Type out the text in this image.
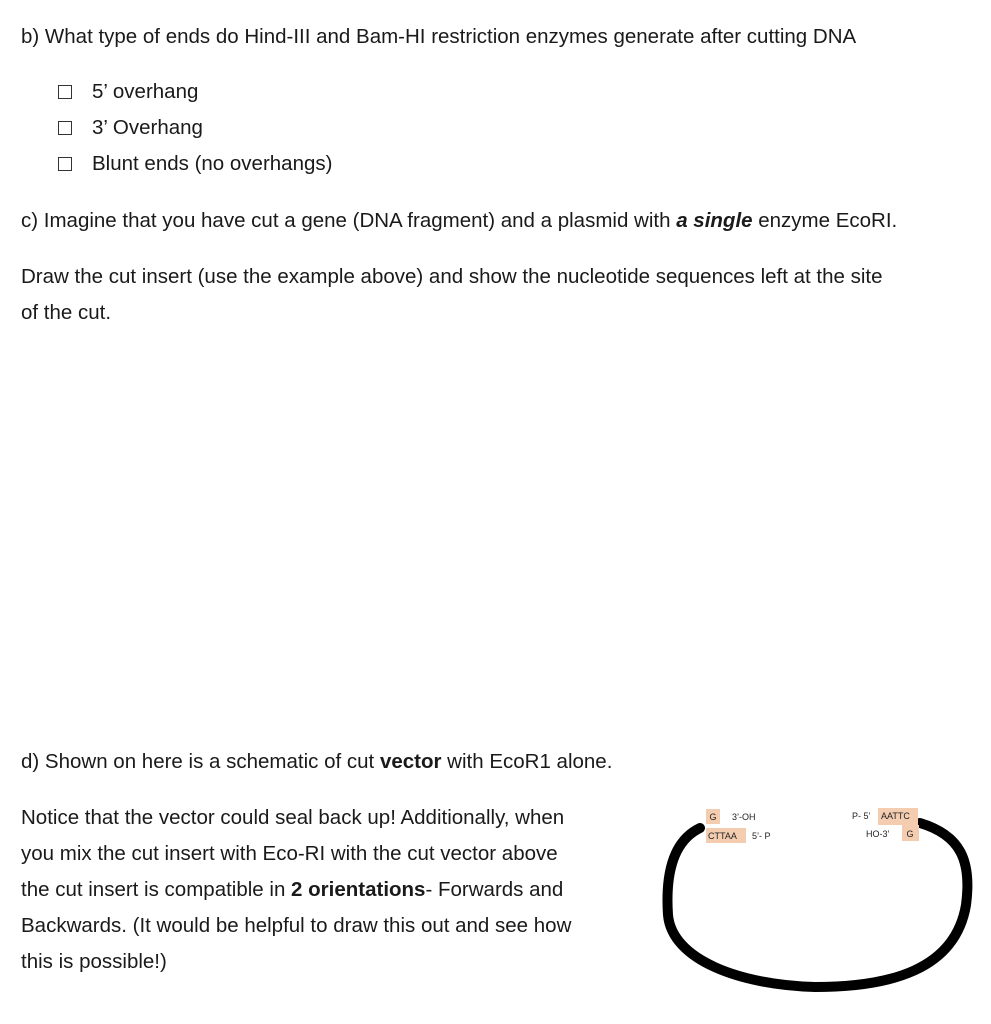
b) What type of ends do Hind-III and Bam-HI restriction enzymes generate after cutting DNA
5’ overhang
3’ Overhang
Blunt ends (no overhangs)
c) Imagine that you have cut a gene (DNA fragment) and a plasmid with a single enzyme EcoRI.
Draw the cut insert (use the example above) and show the nucleotide sequences left at the site
of the cut.
d) Shown on here is a schematic of cut vector with EcoR1 alone.
Notice that the vector could seal back up! Additionally, when
you mix the cut insert with Eco-RI with the cut vector above
the cut insert is compatible in 2 orientations- Forwards and
Backwards. (It would be helpful to draw this out and see how
this is possible!)
G 3’-OH
CTTAA 5’- P
P- 5’ AATTC
HO-3’ G
